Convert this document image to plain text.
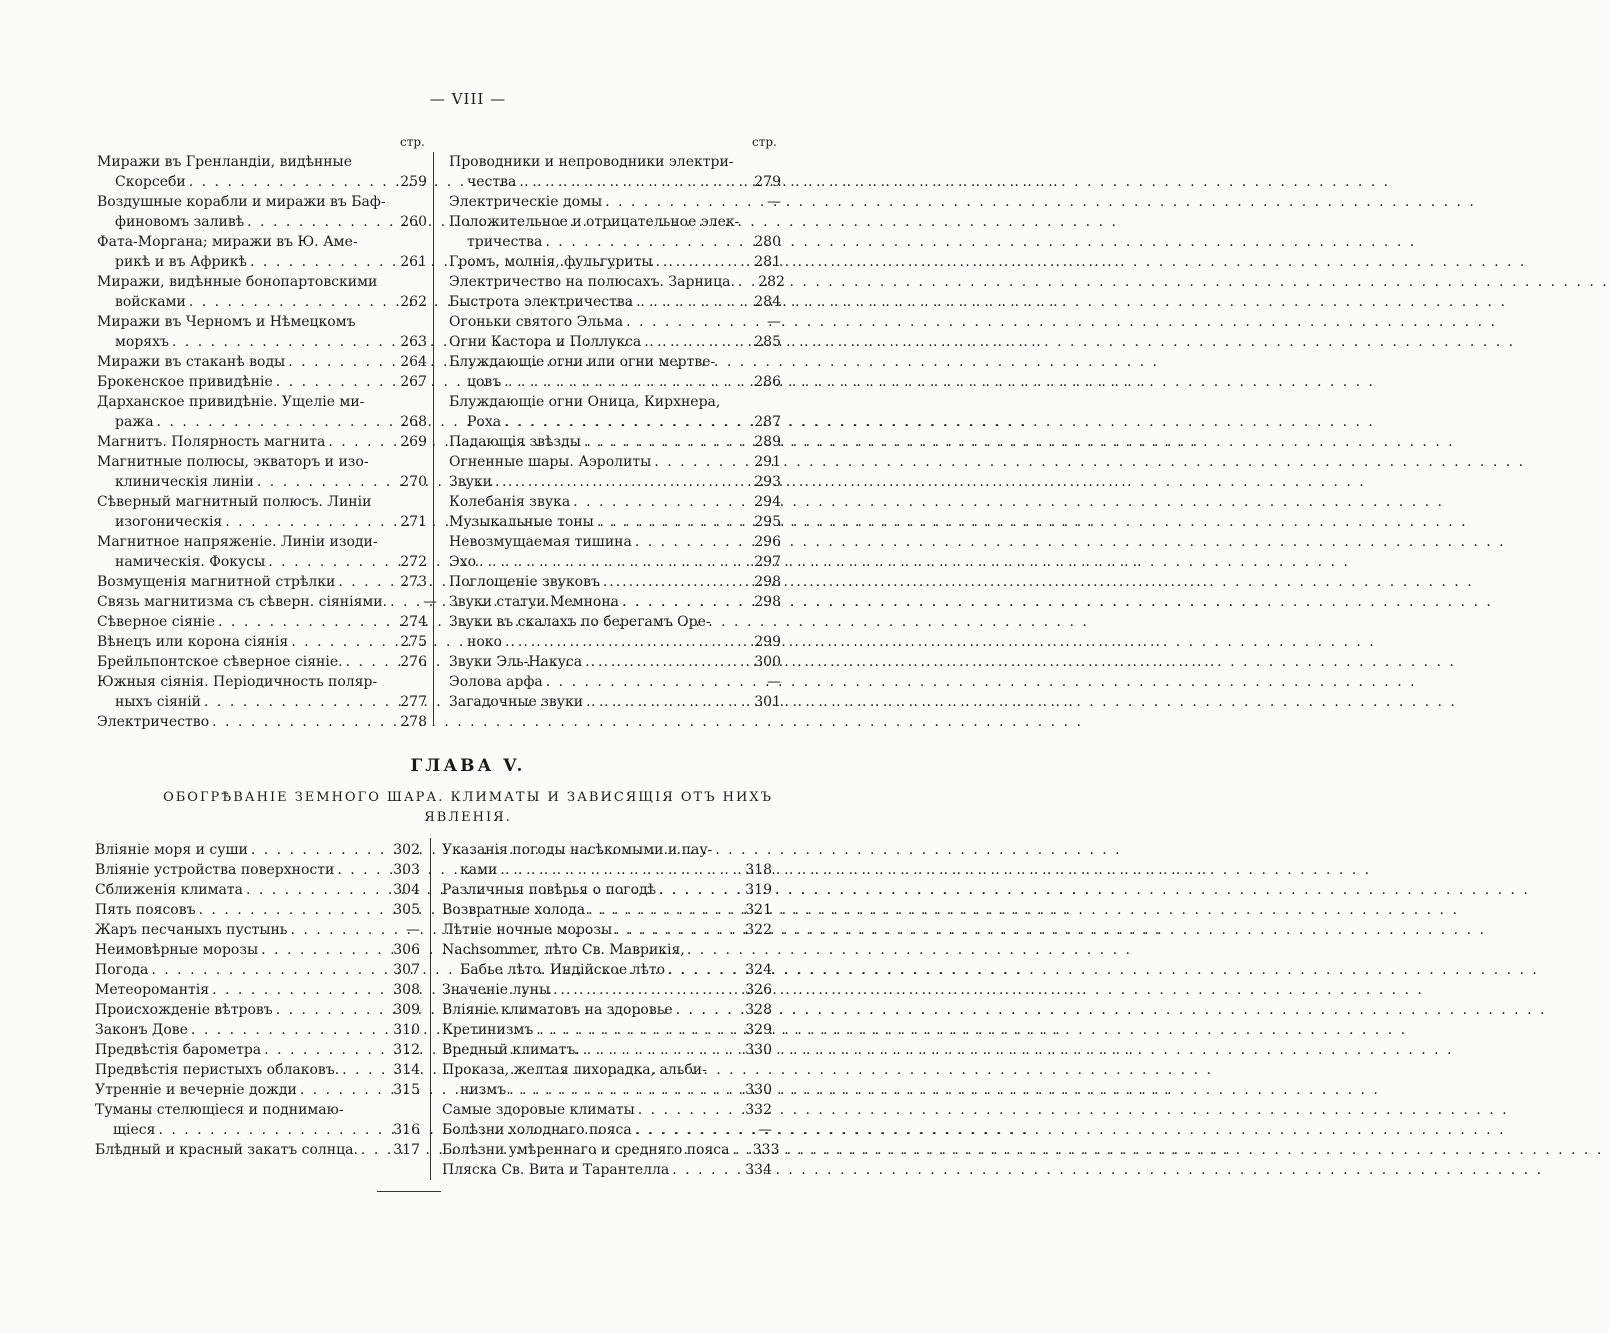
— VIII —
стр.	стр.
Миражи въ Гренландіи, видѣнные
Скорсеби . . .	259
Воздушные корабли и миражи въ Баф-
финовомъ заливѣ . . .	260
Фата-Моргана; миражи въ Ю. Аме-
рикѣ и въ Африкѣ . . .	261
Миражи, видѣнные бонопартовскими
войсками . . .	262
Миражи въ Черномъ и Нѣмецкомъ
моряхъ . . .	263
Миражи въ стаканѣ воды . . .	264
Брокенское привидѣніе . . .	267
Дарханское привидѣніе. Ущеліе ми-
ража . . .	268
Магнитъ. Полярность магнита . . .	269
Магнитные полюсы, экваторъ и изо-
клиническія линіи . . .	270
Сѣверный магнитный полюсъ. Линіи
изогоническія . . .	271
Магнитное напряженіе. Линіи изоди-
намическія. Фокусы . . .	272
Возмущенія магнитной стрѣлки . . .	273
Связь магнитизма съ сѣверн. сіяніями. . . .	—
Сѣверное сіяніе . . .	274
Вѣнецъ или корона сіянія . . .	275
Брейльпонтское сѣверное сіяніе. . . .	276
Южныя сіянія. Періодичность поляр-
ныхъ сіяній . . .	277
Электричество . . .	278
Проводники и непроводники электри-
чества . . .	279
Электрическіе домы . . .	—
Положительное и отрицательное элек-
тричества . . .	280
Громъ, молнія, фульгуриты . . .	281
Электричество на полюсахъ. Зарница. . . .	282
Быстрота электричества . . .	284
Огоньки святого Эльма . . .	—
Огни Кастора и Поллукса . . .	285
Блуждающіе огни или огни мертве-
цовъ . . .	286
Блуждающіе огни Оница, Кирхнера,
Роха . . .	287
Падающія звѣзды . . .	289
Огненные шары. Аэролиты . . .	291
Звуки . . .	293
Колебанія звука . . .	294
Музыкальные тоны . . .	295
Невозмущаемая тишина . . .	296
Эхо . . .	297
Поглощеніе звуковъ . . .	298
Звуки статуи Мемнона . . .	298
Звуки въ скалахъ по берегамъ Оре-
ноко . . .	299
Звуки Эль-Накуса . . .	300
Эолова арфа . . .	—
Загадочные звуки . . .	301
ГЛАВА V.
ОБОГРѢВАНІЕ ЗЕМНОГО ШАРА. КЛИМАТЫ И ЗАВИСЯЩІЯ ОТЪ НИХЪ
ЯВЛЕНІЯ.
Вліяніе моря и суши . . .	302
Вліяніе устройства поверхности . . .	303
Сближенія климата . . .	304
Пять поясовъ . . .	305
Жаръ песчаныхъ пустынь . . .	—
Неимовѣрные морозы . . .	306
Погода . . .	307
Метеоромантія . . .	308
Происхожденіе вѣтровъ . . .	309
Законъ Дове . . .	310
Предвѣстія барометра . . .	312
Предвѣстія перистыхъ облаковъ. . . .	314
Утренніе и вечерніе дожди . . .	315
Туманы стелющіеся и поднимаю-
щіеся . . .	316
Блѣдный и красный закатъ солнца. . . .	317
Указанія погоды насѣкомыми и пау-
ками . . .	318
Различныя повѣрья о погодѣ . . .	319
Возвратные холода . . .	321
Лѣтніе ночные морозы . . .	322
Nachsommer, лѣто Св. Маврикія,
Бабье лѣто. Индійское лѣто . . .	324
Значеніе луны . . .	326
Вліяніе климатовъ на здоровье . . .	328
Кретинизмъ . . .	329
Вредный климатъ. . . .	330
Проказа, желтая лихорадка, альби-
низмъ . . .	330
Самые здоровые климаты . . .	332
Болѣзни холоднаго пояса . . .	—
Болѣзни умѣреннаго и средняго пояса . . .	333
Пляска Св. Вита и Тарантелла . . .	334
